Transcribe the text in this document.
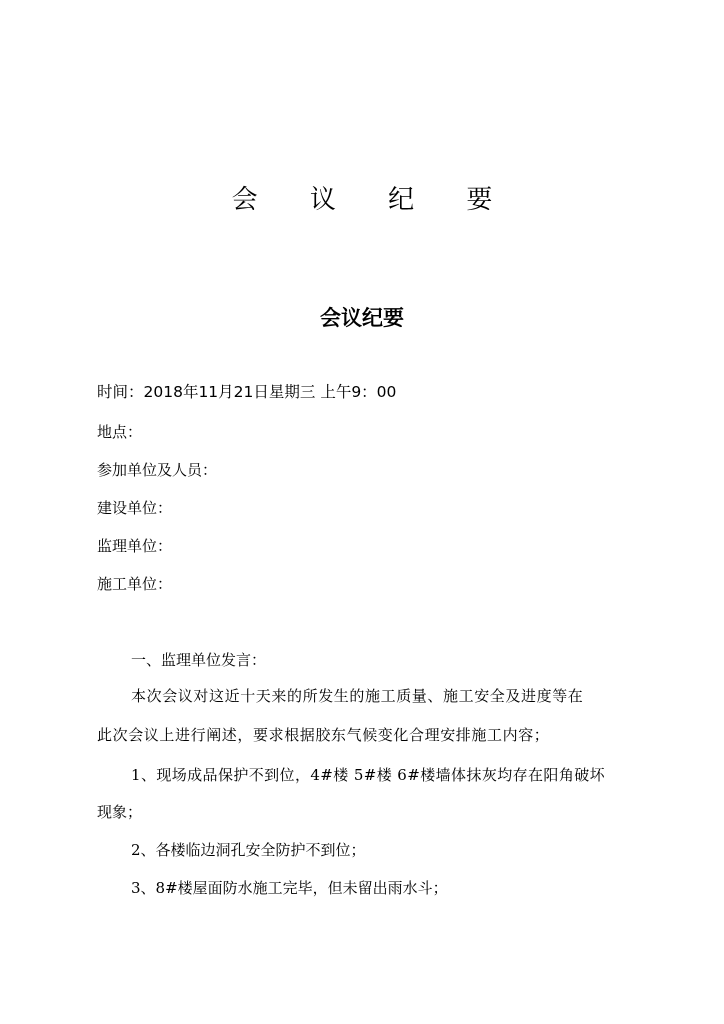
会 议 纪 要
会议纪要
时间：2018年11月21日星期三 上午9：00
地点：
参加单位及人员：
建设单位：
监理单位：
施工单位：
一、监理单位发言：
本次会议对这近十天来的所发生的施工质量、施工安全及进度等在
此次会议上进行阐述，要求根据胶东气候变化合理安排施工内容；
1、现场成品保护不到位，4#楼 5#楼 6#楼墙体抹灰均存在阳角破坏
现象；
2、各楼临边洞孔安全防护不到位；
3、8#楼屋面防水施工完毕，但未留出雨水斗；
